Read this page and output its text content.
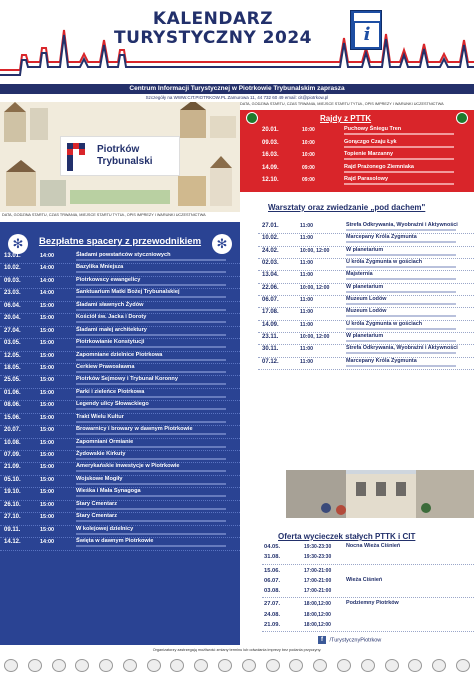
KALENDARZ
TURYSTYCZNY 2024	i
Centrum Informacji Turystycznej w Piotrkowie Trybunalskim zaprasza
Szczegóły na WWW.CIT.PIOTRKOW.PL Zamurowa 11, 44 732 60 49 email: cit@piotrkow.pl
Piotrków
Trybunalski
DATA, GODZINA STARTU, CZAS TRWANIA, MIEJSCE STARTU TYTUŁ, OPIS IMPREZY I WARUNKI UCZESTNICTWA
✻	Bezpłatne spacery z przewodnikiem	✻
13.01.	14:00	Śladami powstańców styczniowych
10.02.	14:00	Bazylika Mniejsza
09.03.	14:00	Piotrkowscy ewangelicy
23.03.	14:00	Sanktuarium Matki Bożej Trybunalskiej
06.04.	15:00	Śladami sławnych Żydów
20.04.	15:00	Kościół św. Jacka i Doroty
27.04.	15:00	Śladami małej architektury
03.05.	15:00	Piotrkowianie Konstytucji
12.05.	15:00	Zapomniane dzielnice Piotrkowa
18.05.	15:00	Cerkiew Prawosławna
25.05.	15:00	Piotrków Sejmowy i Trybunał Koronny
01.06.	15:00	Parki i zieleńce Piotrkowa
08.06.	15:00	Legendy ulicy Słowackiego
15.06.	15:00	Trakt Wielu Kultur
20.07.	15:00	Browarnicy i browary w dawnym Piotrkowie
10.08.	15:00	Zapomniani Ormianie
07.09.	15:00	Żydowskie Kirkuty
21.09.	15:00	Amerykańskie inwestycje w Piotrkowie
05.10.	15:00	Wojskowe Mogiły
19.10.	15:00	Wieśka i Mała Synagoga
26.10.	15:00	Stary Cmentarz
27.10.	15:00	Stary Cmentarz
09.11.	15:00	W kolejowej dzielnicy
14.12.	14:00	Święta w dawnym Piotrkowie
DATA, GODZINA STARTU, CZAS TRWANIA, MIEJSCE STARTU TYTUŁ, OPIS IMPREZY I WARUNKI UCZESTNICTWA
Rajdy z PTTK
20.01.	10:00	Puchowy Śniegu Tren
09.03.	10:00	Gorączgo Czaju Łyk
16.03.	10:00	Topienie Marzanny
14.09.	09:00	Rajd Prażonego Ziemniaka
12.10.	09:00	Rajd Parasolowy
Warsztaty oraz zwiedzanie „pod dachem"
27.01.	11:00	Strefa Odkrywania, Wyobraźni i Aktywności
10.02.	11:00	Marcepany Króla Zygmunta
24.02.	10:00, 12:00	W planetarium
02.03.	11:00	U króla Zygmunta w gościach
13.04.	11:00	Majsternia
22.06.	10:00, 12:00	W planetarium
06.07.	11:00	Muzeum Lodów
17.08.	11:00	Muzeum Lodów
14.09.	11:00	U króla Zygmunta w gościach
23.11.	10:00, 12:00	W planetarium
30.11.	11:00	Strefa Odkrywania, Wyobraźni i Aktywności
07.12.	11:00	Marcepany Króla Zygmunta
Oferta wycieczek stałych PTTK i CIT
04.05.	19:30-23:30	Nocna Wieża Ciśnień
31.08.	19:30-23:30
15.06.	17:00-21:00
06.07.	17:00-21:00	Wieża Ciśnień
03.08.	17:00-21:00
27.07.	18:00,12:00	Podziemny Piotrków
24.08.	18:00,12:00
21.09.	18:00,12:00
f /TurystycznyPiotrkow
Organizatorzy zastrzegają możliwość zmiany terminu lub odwołania imprezy bez podania przyczyny.
